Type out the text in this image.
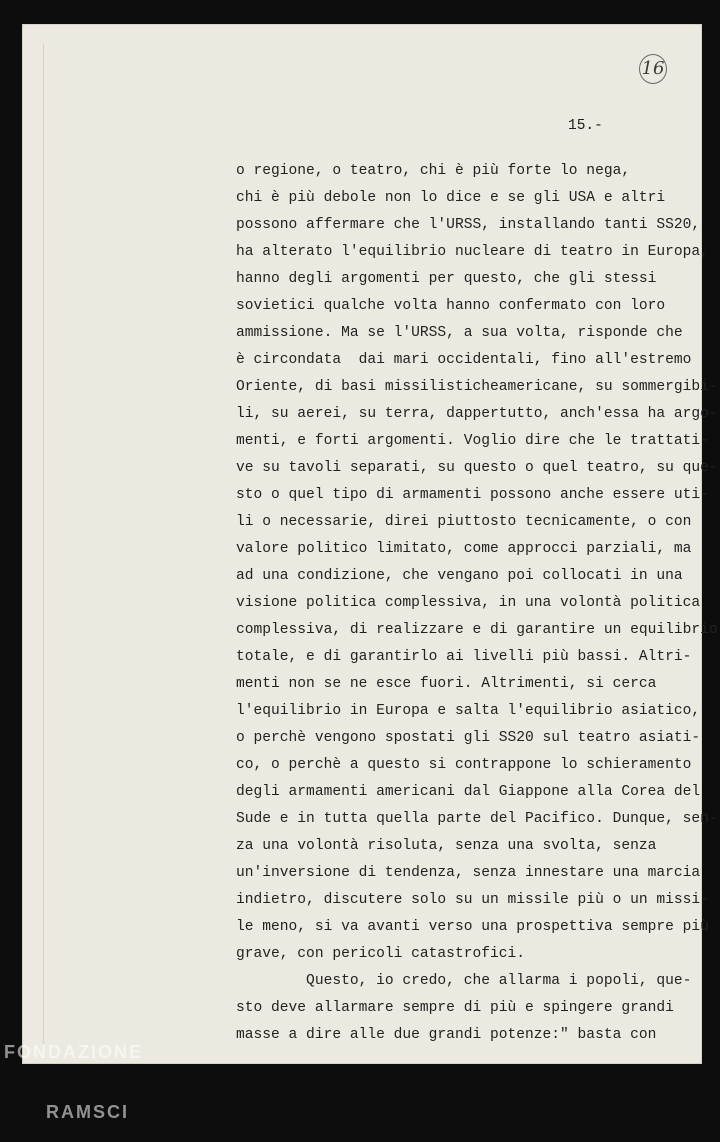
16
15.-
o regione, o teatro, chi è più forte lo nega,
chi è più debole non lo dice e se gli USA e altri
possono affermare che l'URSS, installando tanti SS20,
ha alterato l'equilibrio nucleare di teatro in Europa,
hanno degli argomenti per questo, che gli stessi
sovietici qualche volta hanno confermato con loro
ammissione. Ma se l'URSS, a sua volta, risponde che
è circondata  dai mari occidentali, fino all'estremo
Oriente, di basi missilisticheamericane, su sommergibi-
li, su aerei, su terra, dappertutto, anch'essa ha argo-
menti, e forti argomenti. Voglio dire che le trattati-
ve su tavoli separati, su questo o quel teatro, su que-
sto o quel tipo di armamenti possono anche essere uti-
li o necessarie, direi piuttosto tecnicamente, o con
valore politico limitato, come approcci parziali, ma
ad una condizione, che vengano poi collocati in una
visione politica complessiva, in una volontà politica
complessiva, di realizzare e di garantire un equilibrio
totale, e di garantirlo ai livelli più bassi. Altri-
menti non se ne esce fuori. Altrimenti, si cerca
l'equilibrio in Europa e salta l'equilibrio asiatico,
o perchè vengono spostati gli SS20 sul teatro asiati-
co, o perchè a questo si contrappone lo schieramento
degli armamenti americani dal Giappone alla Corea del
Sude e in tutta quella parte del Pacifico. Dunque, sen-
za una volontà risoluta, senza una svolta, senza
un'inversione di tendenza, senza innestare una marcia
indietro, discutere solo su un missile più o un missi-
le meno, si va avanti verso una prospettiva sempre più
grave, con pericoli catastrofici.
Questo, io credo, che allarma i popoli, que-
sto deve allarmare sempre di più e spingere grandi
masse a dire alle due grandi potenze:" basta con

FONDAZIONE

RAMSCI
